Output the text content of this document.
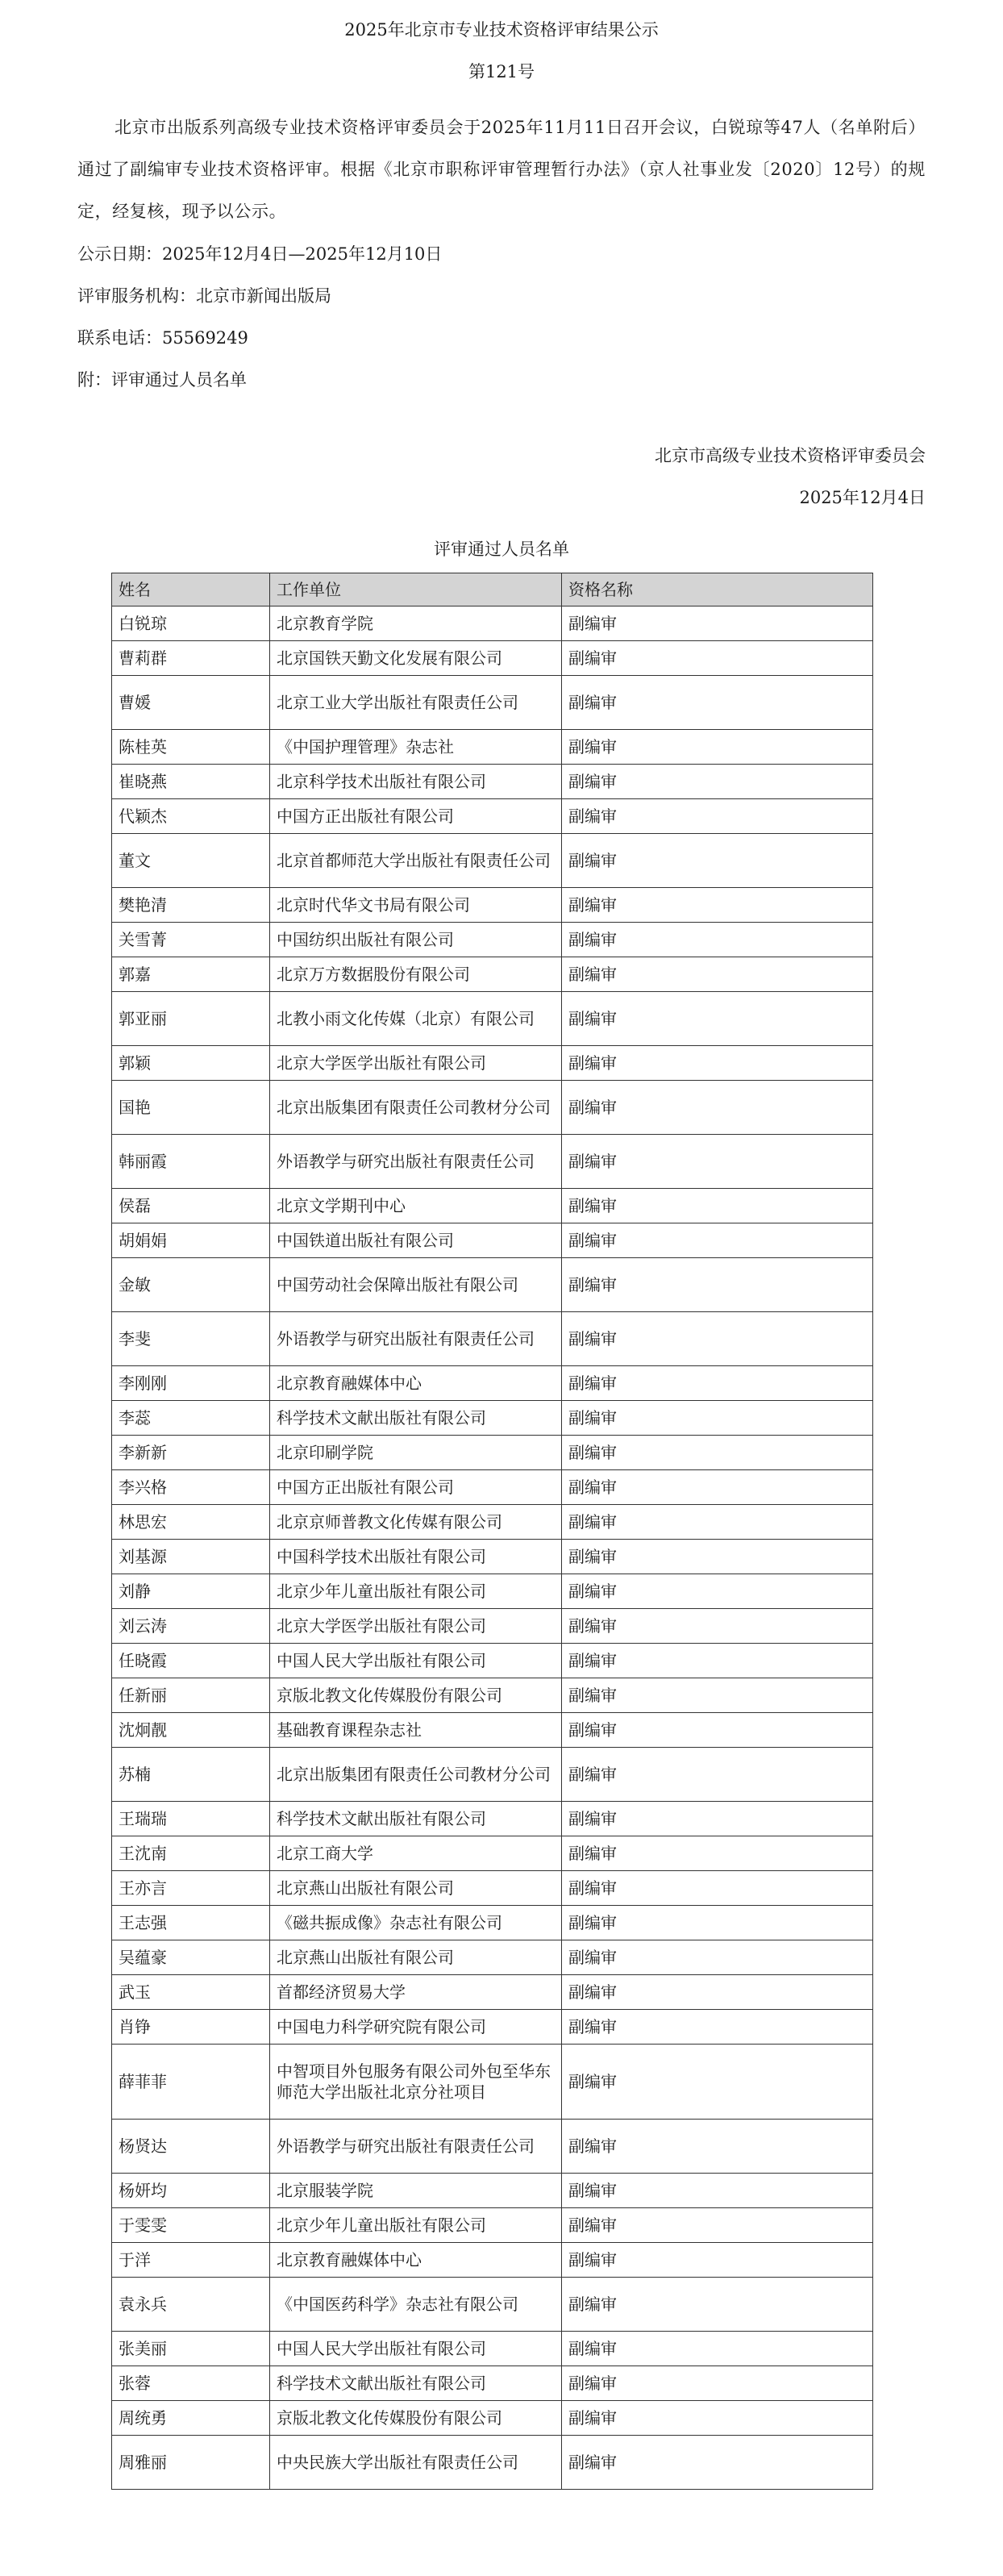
2025年北京市专业技术资格评审结果公示
第121号
北京市出版系列高级专业技术资格评审委员会于2025年11月11日召开会议，白锐琼等47人（名单附后）通过了副编审专业技术资格评审。根据《北京市职称评审管理暂行办法》（京人社事业发〔2020〕12号）的规定，经复核，现予以公示。
公示日期：2025年12月4日—2025年12月10日
评审服务机构：北京市新闻出版局
联系电话：55569249
附：评审通过人员名单
北京市高级专业技术资格评审委员会
2025年12月4日
评审通过人员名单
姓名	工作单位	资格名称
白锐琼	北京教育学院	副编审
曹莉群	北京国铁天勤文化发展有限公司	副编审
曹媛	北京工业大学出版社有限责任公司	副编审
陈桂英	《中国护理管理》杂志社	副编审
崔晓燕	北京科学技术出版社有限公司	副编审
代颖杰	中国方正出版社有限公司	副编审
董文	北京首都师范大学出版社有限责任公司	副编审
樊艳清	北京时代华文书局有限公司	副编审
关雪菁	中国纺织出版社有限公司	副编审
郭嘉	北京万方数据股份有限公司	副编审
郭亚丽	北教小雨文化传媒（北京）有限公司	副编审
郭颖	北京大学医学出版社有限公司	副编审
国艳	北京出版集团有限责任公司教材分公司	副编审
韩丽霞	外语教学与研究出版社有限责任公司	副编审
侯磊	北京文学期刊中心	副编审
胡娟娟	中国铁道出版社有限公司	副编审
金敏	中国劳动社会保障出版社有限公司	副编审
李斐	外语教学与研究出版社有限责任公司	副编审
李刚刚	北京教育融媒体中心	副编审
李蕊	科学技术文献出版社有限公司	副编审
李新新	北京印刷学院	副编审
李兴格	中国方正出版社有限公司	副编审
林思宏	北京京师普教文化传媒有限公司	副编审
刘基源	中国科学技术出版社有限公司	副编审
刘静	北京少年儿童出版社有限公司	副编审
刘云涛	北京大学医学出版社有限公司	副编审
任晓霞	中国人民大学出版社有限公司	副编审
任新丽	京版北教文化传媒股份有限公司	副编审
沈炯靓	基础教育课程杂志社	副编审
苏楠	北京出版集团有限责任公司教材分公司	副编审
王瑞瑞	科学技术文献出版社有限公司	副编审
王沈南	北京工商大学	副编审
王亦言	北京燕山出版社有限公司	副编审
王志强	《磁共振成像》杂志社有限公司	副编审
吴蕴豪	北京燕山出版社有限公司	副编审
武玉	首都经济贸易大学	副编审
肖铮	中国电力科学研究院有限公司	副编审
薛菲菲	中智项目外包服务有限公司外包至华东师范大学出版社北京分社项目	副编审
杨贤达	外语教学与研究出版社有限责任公司	副编审
杨妍均	北京服装学院	副编审
于雯雯	北京少年儿童出版社有限公司	副编审
于洋	北京教育融媒体中心	副编审
袁永兵	《中国医药科学》杂志社有限公司	副编审
张美丽	中国人民大学出版社有限公司	副编审
张蓉	科学技术文献出版社有限公司	副编审
周统勇	京版北教文化传媒股份有限公司	副编审
周雅丽	中央民族大学出版社有限责任公司	副编审
